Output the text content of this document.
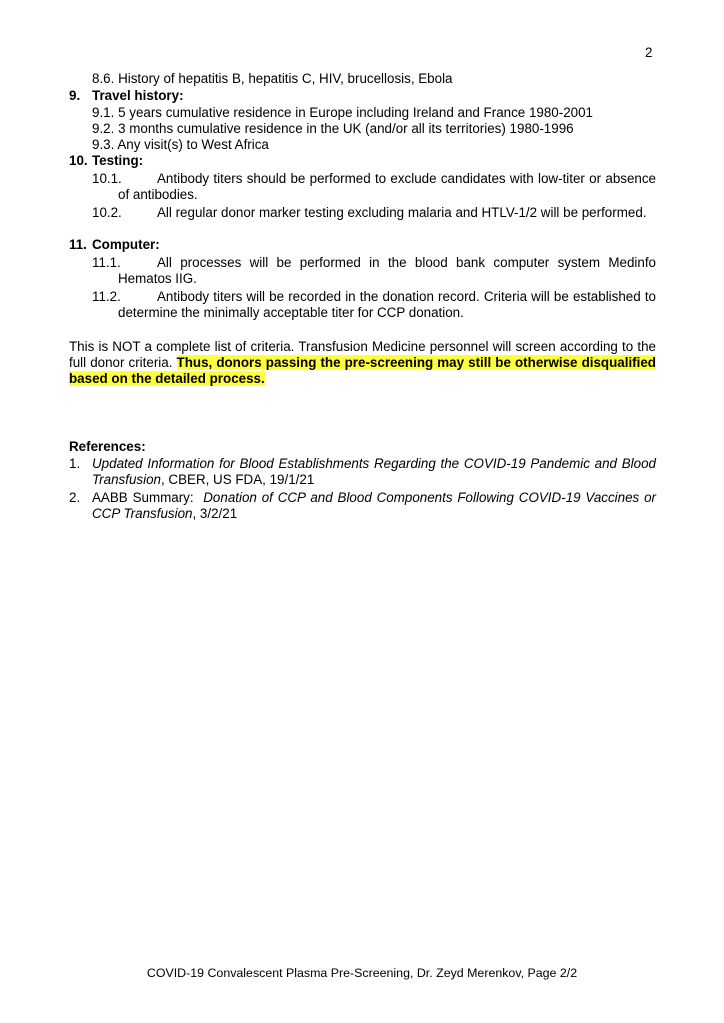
2
8.6. History of hepatitis B, hepatitis C, HIV, brucellosis, Ebola
9. Travel history:
9.1. 5 years cumulative residence in Europe including Ireland and France 1980-2001
9.2. 3 months cumulative residence in the UK (and/or all its territories) 1980-1996
9.3. Any visit(s) to West Africa
10. Testing:
10.1.	Antibody titers should be performed to exclude candidates with low-titer or absence of antibodies.
10.2.	All regular donor marker testing excluding malaria and HTLV-1/2 will be performed.
11. Computer:
11.1.	All processes will be performed in the blood bank computer system Medinfo Hematos IIG.
11.2.	Antibody titers will be recorded in the donation record. Criteria will be established to determine the minimally acceptable titer for CCP donation.
This is NOT a complete list of criteria. Transfusion Medicine personnel will screen according to the full donor criteria. Thus, donors passing the pre-screening may still be otherwise disqualified based on the detailed process.
References:
1. Updated Information for Blood Establishments Regarding the COVID-19 Pandemic and Blood Transfusion, CBER, US FDA, 19/1/21
2. AABB Summary:  Donation of CCP and Blood Components Following COVID-19 Vaccines or CCP Transfusion, 3/2/21
COVID-19 Convalescent Plasma Pre-Screening, Dr. Zeyd Merenkov, Page 2/2
